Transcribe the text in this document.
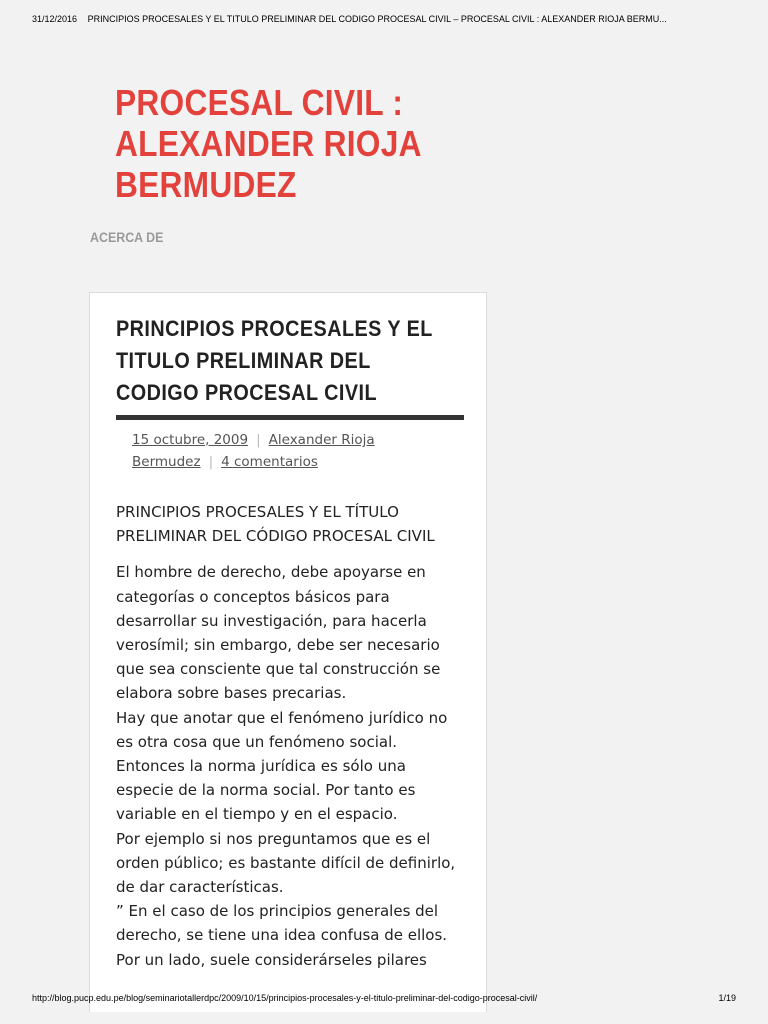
31/12/2016 PRINCIPIOS PROCESALES Y EL TITULO PRELIMINAR DEL CODIGO PROCESAL CIVIL – PROCESAL CIVIL : ALEXANDER RIOJA BERMU...
PROCESAL CIVIL : ALEXANDER RIOJA BERMUDEZ
ACERCA DE
PRINCIPIOS PROCESALES Y EL TITULO PRELIMINAR DEL CODIGO PROCESAL CIVIL
15 octubre, 2009 | Alexander Rioja Bermudez | 4 comentarios

PRINCIPIOS PROCESALES Y EL TÍTULO PRELIMINAR DEL CÓDIGO PROCESAL CIVIL

El hombre de derecho, debe apoyarse en categorías o conceptos básicos para desarrollar su investigación, para hacerla verosímil; sin embargo, debe ser necesario que sea consciente que tal construcción se elabora sobre bases precarias.

Hay que anotar que el fenómeno jurídico no es otra cosa que un fenómeno social. Entonces la norma jurídica es sólo una especie de la norma social. Por tanto es variable en el tiempo y en el espacio.

Por ejemplo si nos preguntamos que es el orden público; es bastante difícil de definirlo, de dar características.

” En el caso de los principios generales del derecho, se tiene una idea confusa de ellos. Por un lado, suele considerárseles pilares

http://blog.pucp.edu.pe/blog/seminariotallerdpc/2009/10/15/principios-procesales-y-el-titulo-preliminar-del-codigo-procesal-civil/	1/19
